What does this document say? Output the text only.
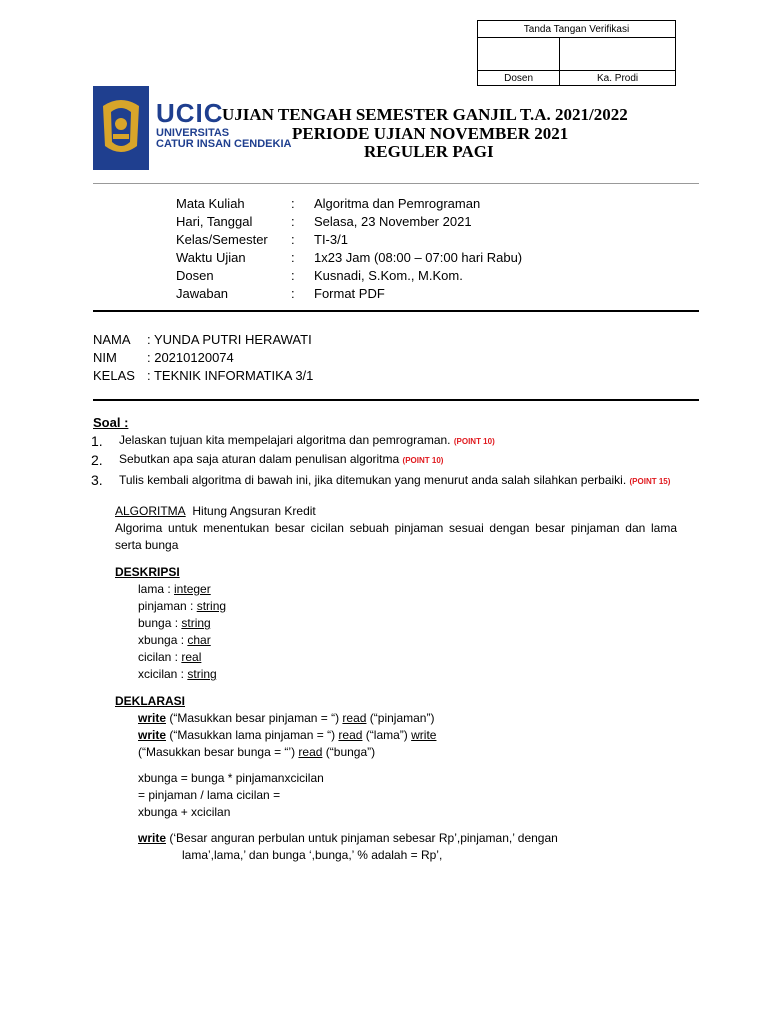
Tanda Tangan Verifikasi	

Dosen	Ka. Prodi
UCIC
UNIVERSITAS
CATUR INSAN CENDEKIA
UJIAN TENGAH SEMESTER GANJIL T.A. 2021/2022
PERIODE UJIAN NOVEMBER 2021
REGULER PAGI
Mata Kuliah	:	Algoritma dan Pemrograman
Hari, Tanggal	:	Selasa, 23 November 2021
Kelas/Semester	:	TI-3/1
Waktu Ujian	:	1x23 Jam (08:00 – 07:00 hari Rabu)
Dosen	:	Kusnadi, S.Kom., M.Kom.
Jawaban	:	Format PDF
NAMA	: YUNDA PUTRI HERAWATI
NIM	: 20210120074
KELAS : TEKNIK INFORMATIKA 3/1
Soal :
1. Jelaskan tujuan kita mempelajari algoritma dan pemrograman. (POINT 10)
2. Sebutkan apa saja aturan dalam penulisan algoritma (POINT 10)
3. Tulis kembali algoritma di bawah ini, jika ditemukan yang menurut anda salah silahkan perbaiki. (POINT 15)
ALGORITMA Hitung Angsuran Kredit
Algorima untuk menentukan besar cicilan sebuah pinjaman sesuai dengan besar pinjaman dan lama serta bunga
DESKRIPSI
lama : integer
pinjaman : string
bunga : string
xbunga : char
cicilan : real
xcicilan : string
DEKLARASI
write (“Masukkan besar pinjaman = “) read (“pinjaman”)
write (“Masukkan lama pinjaman = “) read (“lama”) write
(“Masukkan besar bunga = “’) read (“bunga”)
xbunga = bunga * pinjamanxcicilan
= pinjaman / lama cicilan =
xbunga + xcicilan
write (‘Besar anguran perbulan untuk pinjaman sebesar Rp’,pinjaman,’ dengan
lama’,lama,’ dan bunga ‘,bunga,’ % adalah = Rp’,
